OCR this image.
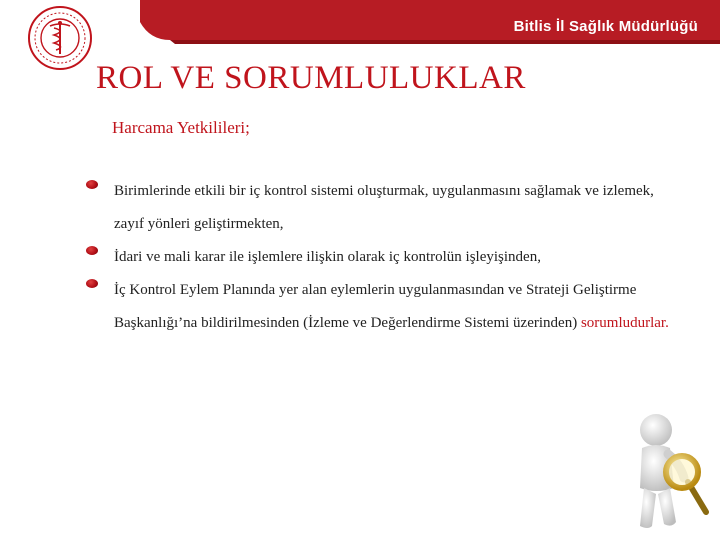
Bitlis İl Sağlık Müdürlüğü
ROL VE SORUMLULUKLAR
Harcama Yetkilileri;
Birimlerinde etkili bir iç kontrol sistemi oluşturmak, uygulanmasını sağlamak ve izlemek, zayıf yönleri geliştirmekten,
İdari ve mali karar ile işlemlere ilişkin olarak iç kontrolün işleyişinden,
İç Kontrol Eylem Planında yer alan eylemlerin uygulanmasından ve Strateji Geliştirme Başkanlığı’na bildirilmesinden (İzleme ve Değerlendirme Sistemi üzerinden) sorumludurlar.
